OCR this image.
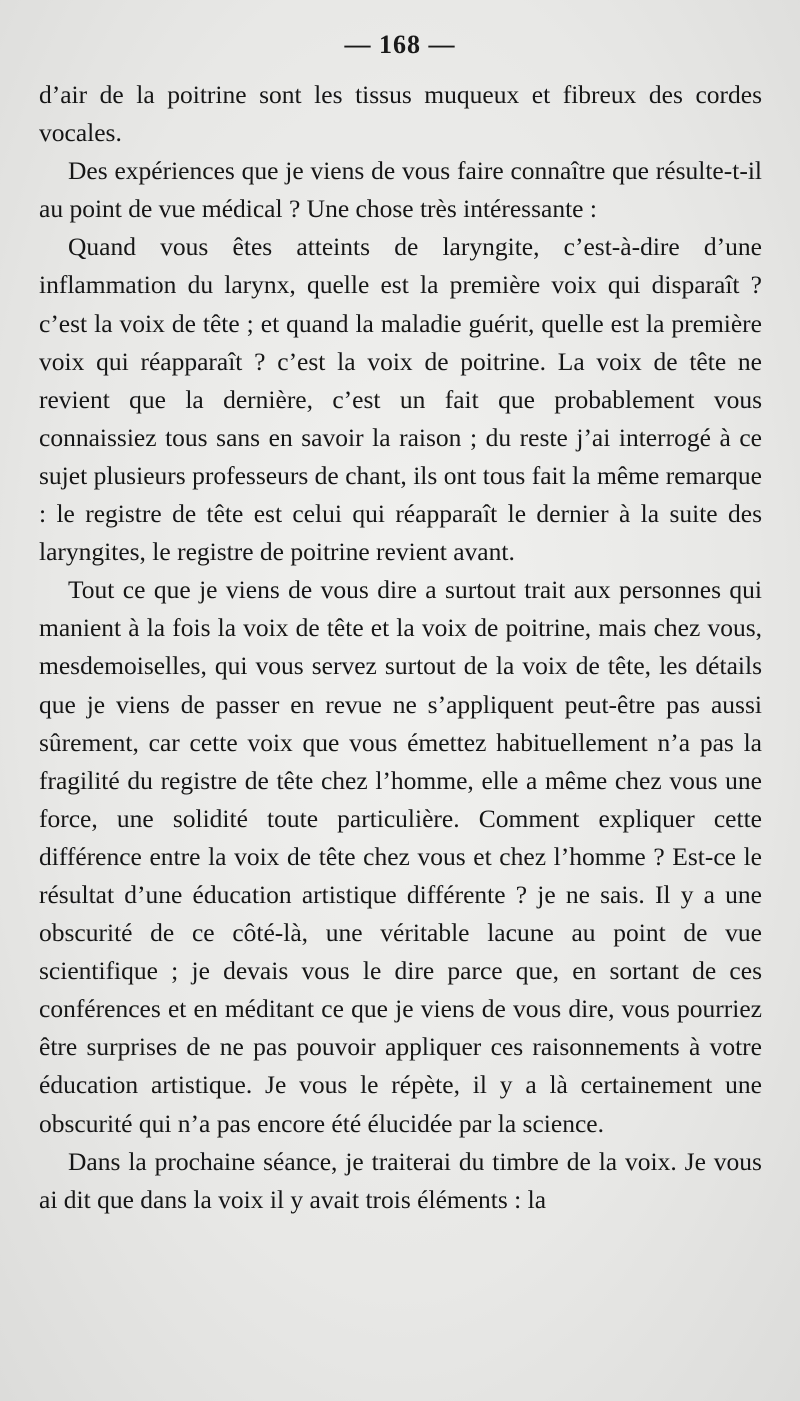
— 168 —

d’air de la poitrine sont les tissus muqueux et fibreux des cordes vocales.

Des expériences que je viens de vous faire connaître que résulte-t-il au point de vue médical ? Une chose très intéressante :

Quand vous êtes atteints de laryngite, c’est-à-dire d’une inflammation du larynx, quelle est la première voix qui disparaît ? c’est la voix de tête ; et quand la maladie guérit, quelle est la première voix qui réapparaît ? c’est la voix de poitrine. La voix de tête ne revient que la dernière, c’est un fait que probablement vous connaissiez tous sans en savoir la raison ; du reste j’ai interrogé à ce sujet plusieurs professeurs de chant, ils ont tous fait la même remarque : le registre de tête est celui qui réapparaît le dernier à la suite des laryngites, le registre de poitrine revient avant.

Tout ce que je viens de vous dire a surtout trait aux personnes qui manient à la fois la voix de tête et la voix de poitrine, mais chez vous, mesdemoiselles, qui vous servez surtout de la voix de tête, les détails que je viens de passer en revue ne s’appliquent peut-être pas aussi sûrement, car cette voix que vous émettez habituellement n’a pas la fragilité du registre de tête chez l’homme, elle a même chez vous une force, une solidité toute particulière. Comment expliquer cette différence entre la voix de tête chez vous et chez l’homme ? Est-ce le résultat d’une éducation artistique différente ? je ne sais. Il y a une obscurité de ce côté-là, une véritable lacune au point de vue scientifique ; je devais vous le dire parce que, en sortant de ces conférences et en méditant ce que je viens de vous dire, vous pourriez être surprises de ne pas pouvoir appliquer ces raisonnements à votre éducation artistique. Je vous le répète, il y a là certainement une obscurité qui n’a pas encore été élucidée par la science.

Dans la prochaine séance, je traiterai du timbre de la voix. Je vous ai dit que dans la voix il y avait trois éléments : la
